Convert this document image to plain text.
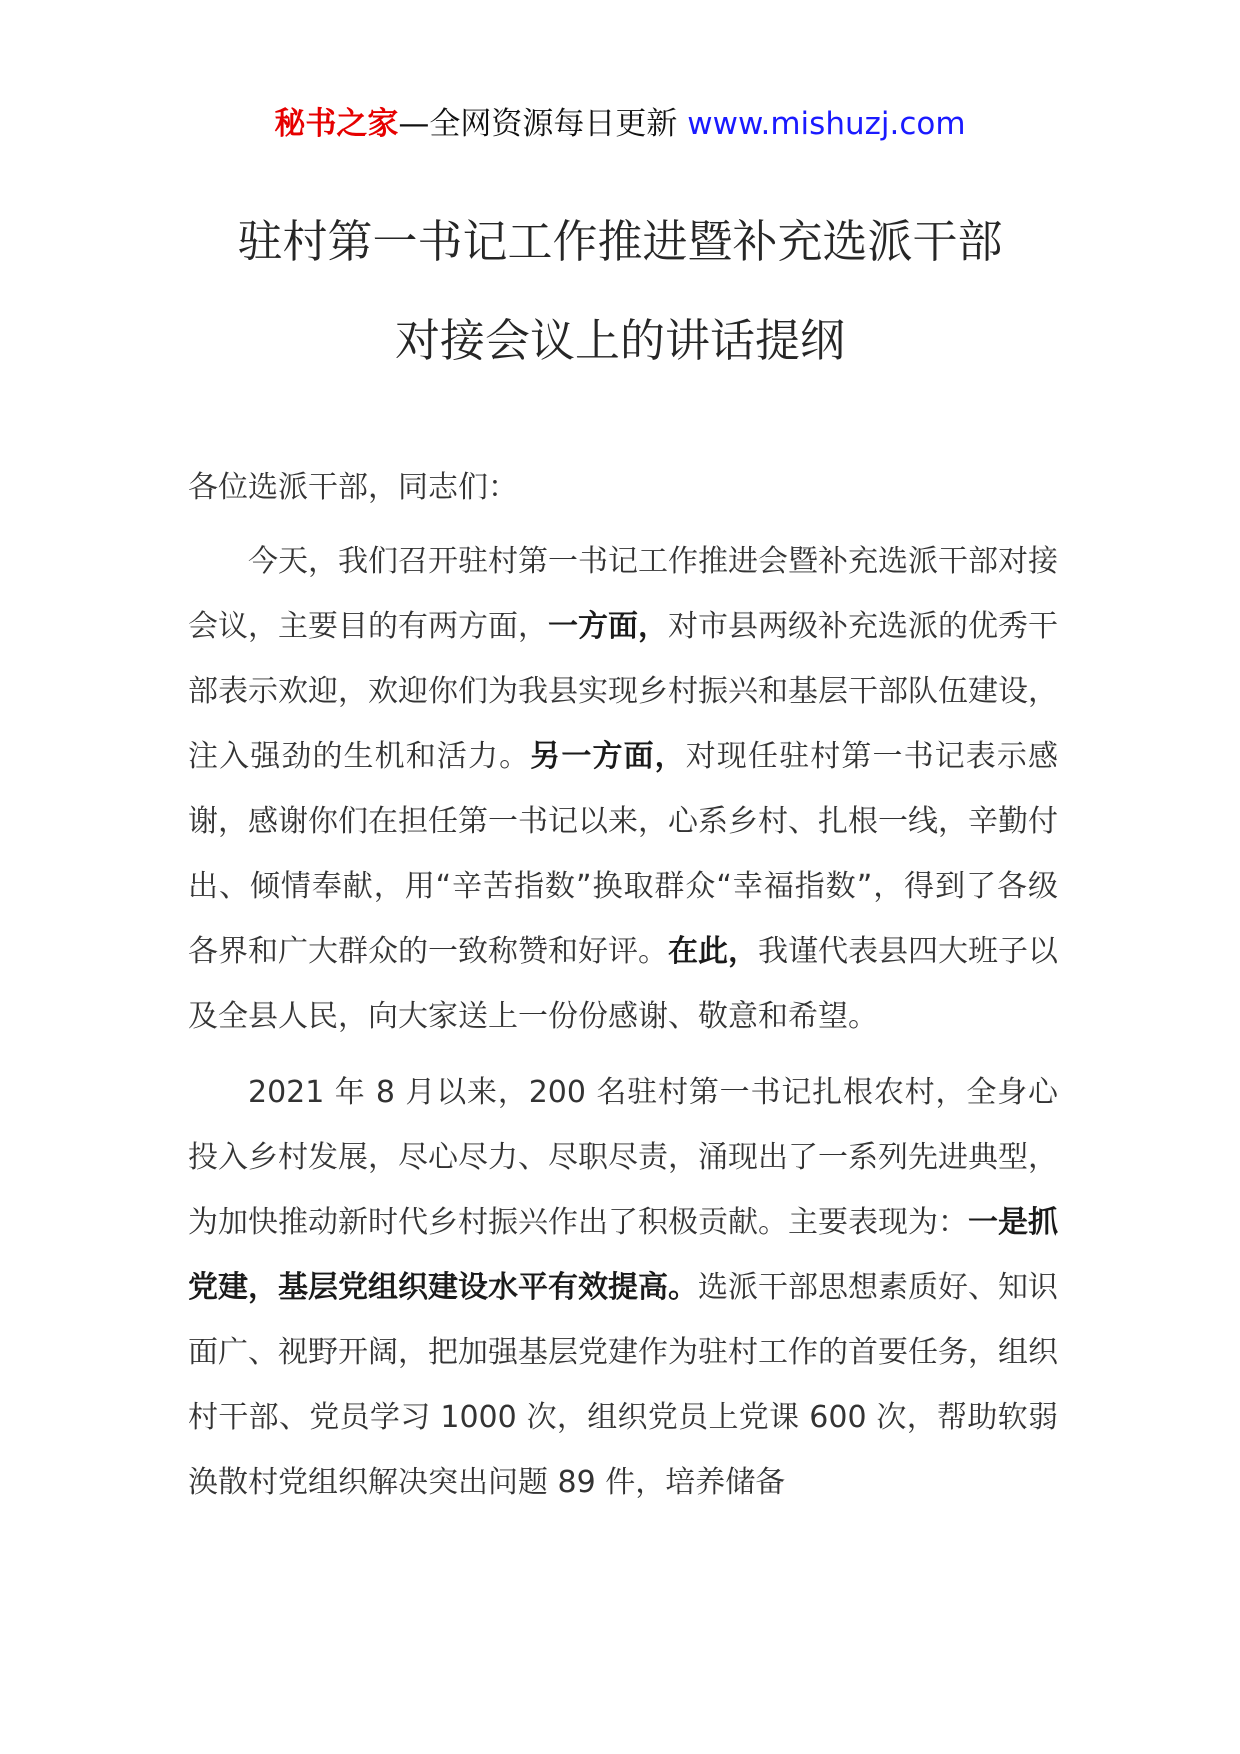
秘书之家—全网资源每日更新 www.mishuzj.com
驻村第一书记工作推进暨补充选派干部
对接会议上的讲话提纲

各位选派干部，同志们：

今天，我们召开驻村第一书记工作推进会暨补充选派干部对接会议，主要目的有两方面，一方面，对市县两级补充选派的优秀干部表示欢迎，欢迎你们为我县实现乡村振兴和基层干部队伍建设，注入强劲的生机和活力。另一方面，对现任驻村第一书记表示感谢，感谢你们在担任第一书记以来，心系乡村、扎根一线，辛勤付出、倾情奉献，用“辛苦指数”换取群众“幸福指数”，得到了各级各界和广大群众的一致称赞和好评。在此，我谨代表县四大班子以及全县人民，向大家送上一份份感谢、敬意和希望。

2021 年 8 月以来，200 名驻村第一书记扎根农村，全身心投入乡村发展，尽心尽力、尽职尽责，涌现出了一系列先进典型，为加快推动新时代乡村振兴作出了积极贡献。主要表现为：一是抓党建，基层党组织建设水平有效提高。选派干部思想素质好、知识面广、视野开阔，把加强基层党建作为驻村工作的首要任务，组织村干部、党员学习 1000 次，组织党员上党课 600 次，帮助软弱涣散村党组织解决突出问题 89 件，培养储备
